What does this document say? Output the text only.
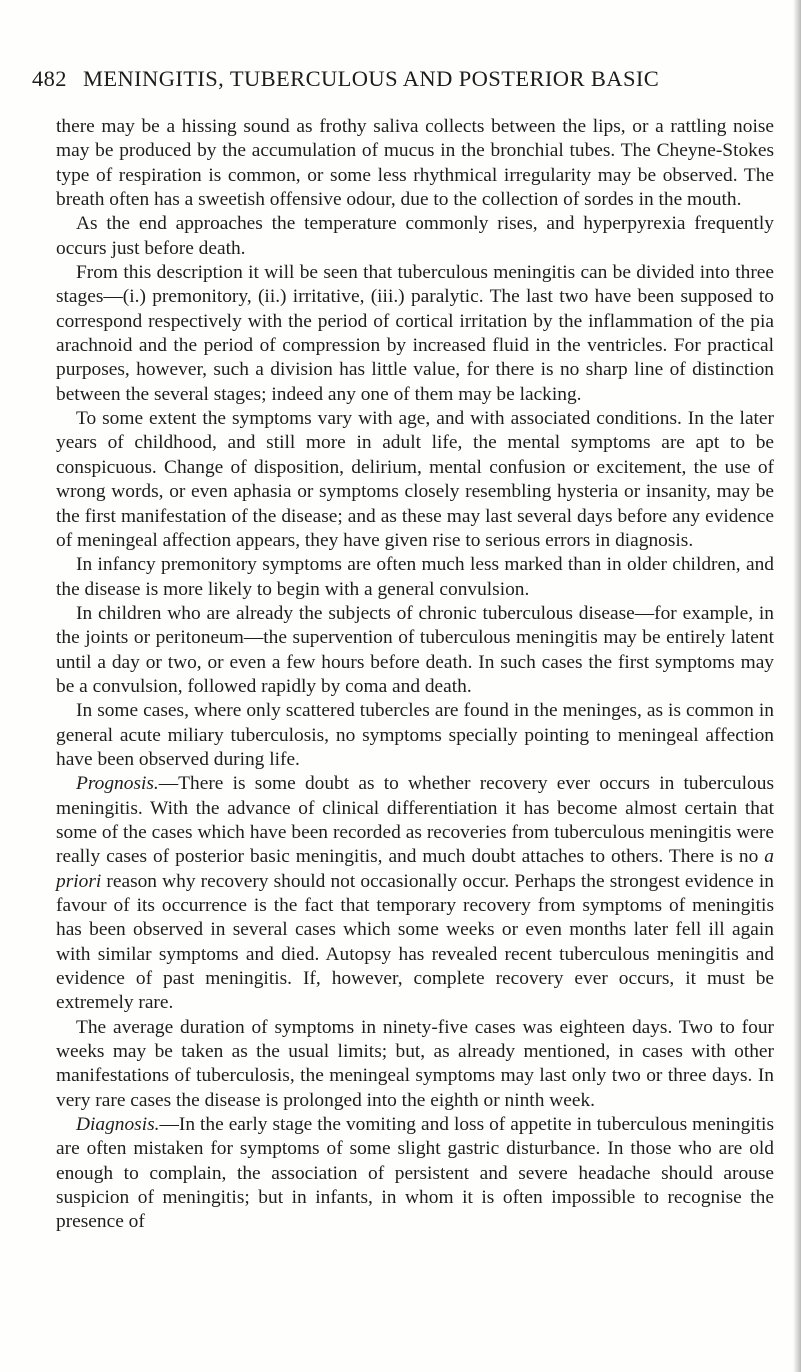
482 MENINGITIS, TUBERCULOUS AND POSTERIOR BASIC

there may be a hissing sound as frothy saliva collects between the lips, or a rattling noise may be produced by the accumulation of mucus in the bronchial tubes. The Cheyne-Stokes type of respiration is common, or some less rhythmical irregularity may be observed. The breath often has a sweetish offensive odour, due to the collection of sordes in the mouth.

As the end approaches the temperature commonly rises, and hyperpyrexia frequently occurs just before death.

From this description it will be seen that tuberculous meningitis can be divided into three stages—(i.) premonitory, (ii.) irritative, (iii.) paralytic. The last two have been supposed to correspond respectively with the period of cortical irritation by the inflammation of the pia arachnoid and the period of compression by increased fluid in the ventricles. For practical purposes, however, such a division has little value, for there is no sharp line of distinction between the several stages; indeed any one of them may be lacking.

To some extent the symptoms vary with age, and with associated conditions. In the later years of childhood, and still more in adult life, the mental symptoms are apt to be conspicuous. Change of disposition, delirium, mental confusion or excitement, the use of wrong words, or even aphasia or symptoms closely resembling hysteria or insanity, may be the first manifestation of the disease; and as these may last several days before any evidence of meningeal affection appears, they have given rise to serious errors in diagnosis.

In infancy premonitory symptoms are often much less marked than in older children, and the disease is more likely to begin with a general convulsion.

In children who are already the subjects of chronic tuberculous disease—for example, in the joints or peritoneum—the supervention of tuberculous meningitis may be entirely latent until a day or two, or even a few hours before death. In such cases the first symptoms may be a convulsion, followed rapidly by coma and death.

In some cases, where only scattered tubercles are found in the meninges, as is common in general acute miliary tuberculosis, no symptoms specially pointing to meningeal affection have been observed during life.

Prognosis.—There is some doubt as to whether recovery ever occurs in tuberculous meningitis. With the advance of clinical differentiation it has become almost certain that some of the cases which have been recorded as recoveries from tuberculous meningitis were really cases of posterior basic meningitis, and much doubt attaches to others. There is no a priori reason why recovery should not occasionally occur. Perhaps the strongest evidence in favour of its occurrence is the fact that temporary recovery from symptoms of meningitis has been observed in several cases which some weeks or even months later fell ill again with similar symptoms and died. Autopsy has revealed recent tuberculous meningitis and evidence of past meningitis. If, however, complete recovery ever occurs, it must be extremely rare.

The average duration of symptoms in ninety-five cases was eighteen days. Two to four weeks may be taken as the usual limits; but, as already mentioned, in cases with other manifestations of tuberculosis, the meningeal symptoms may last only two or three days. In very rare cases the disease is prolonged into the eighth or ninth week.

Diagnosis.—In the early stage the vomiting and loss of appetite in tuberculous meningitis are often mistaken for symptoms of some slight gastric disturbance. In those who are old enough to complain, the association of persistent and severe headache should arouse suspicion of meningitis; but in infants, in whom it is often impossible to recognise the presence of
